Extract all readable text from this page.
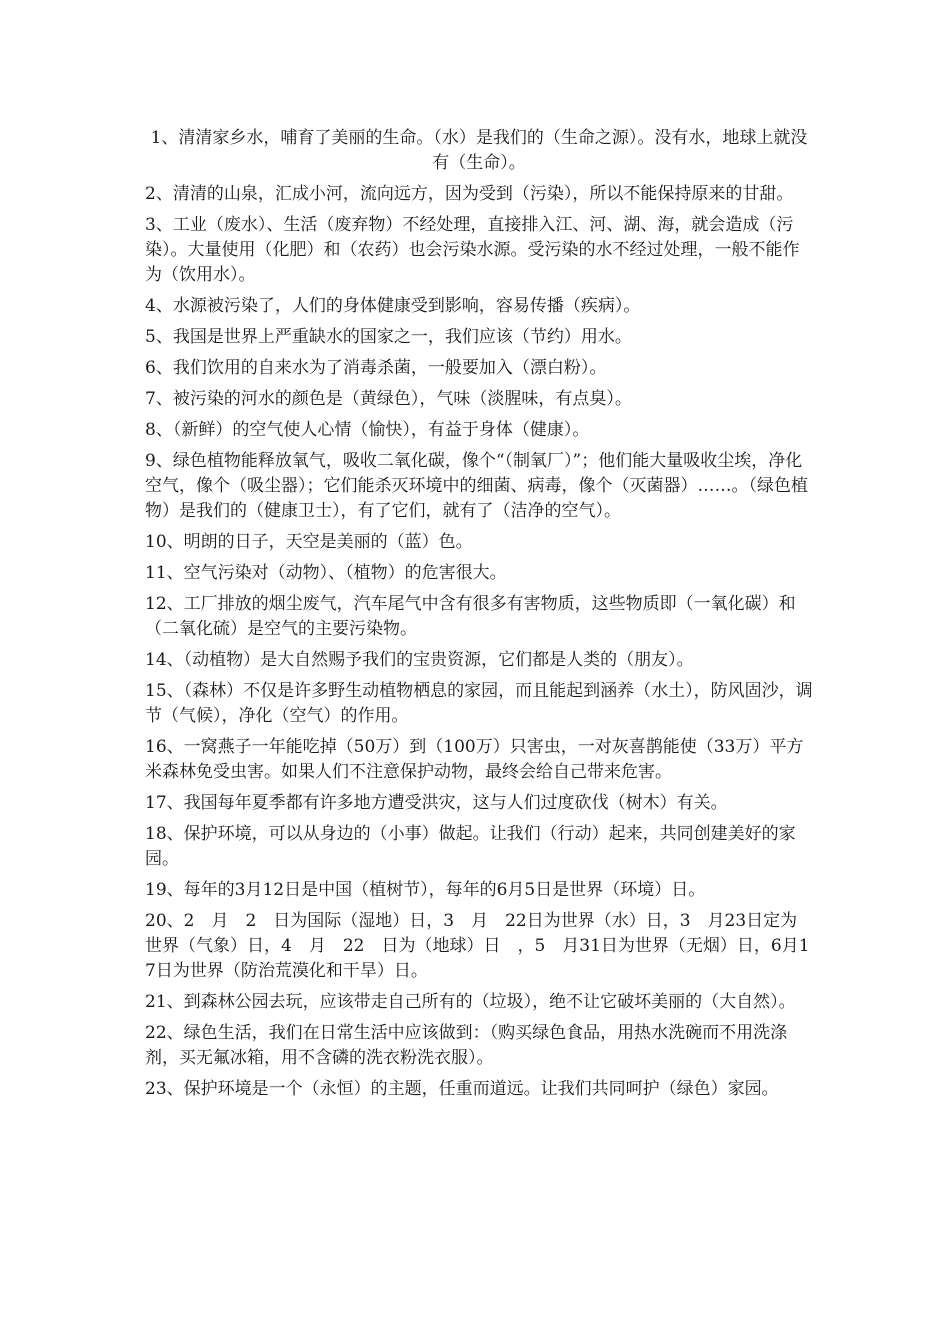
1、清清家乡水，哺育了美丽的生命。（水）是我们的（生命之源）。没有水，地球上就没有（生命）。

2、清清的山泉，汇成小河，流向远方，因为受到（污染），所以不能保持原来的甘甜。

3、工业（废水）、生活（废弃物）不经处理，直接排入江、河、湖、海，就会造成（污染）。大量使用（化肥）和（农药）也会污染水源。受污染的水不经过处理，一般不能作为（饮用水）。

4、水源被污染了，人们的身体健康受到影响，容易传播（疾病）。

5、我国是世界上严重缺水的国家之一，我们应该（节约）用水。

6、我们饮用的自来水为了消毒杀菌，一般要加入（漂白粉）。

7、被污染的河水的颜色是（黄绿色），气味（淡腥味，有点臭）。

8、（新鲜）的空气使人心情（愉快），有益于身体（健康）。

9、绿色植物能释放氧气，吸收二氧化碳，像个“（制氧厂）”；他们能大量吸收尘埃，净化空气，像个（吸尘器）；它们能杀灭环境中的细菌、病毒，像个（灭菌器）……。（绿色植物）是我们的（健康卫士），有了它们，就有了（洁净的空气）。

10、明朗的日子，天空是美丽的（蓝）色。

11、空气污染对（动物）、（植物）的危害很大。

12、工厂排放的烟尘废气，汽车尾气中含有很多有害物质，这些物质即（一氧化碳）和（二氧化硫）是空气的主要污染物。

14、（动植物）是大自然赐予我们的宝贵资源，它们都是人类的（朋友）。

15、（森林）不仅是许多野生动植物栖息的家园，而且能起到涵养（水土），防风固沙，调节（气候），净化（空气）的作用。

16、一窝燕子一年能吃掉（50万）到（100万）只害虫，一对灰喜鹊能使（33万）平方米森林免受虫害。如果人们不注意保护动物，最终会给自己带来危害。

17、我国每年夏季都有许多地方遭受洪灾，这与人们过度砍伐（树木）有关。

18、保护环境，可以从身边的（小事）做起。让我们（行动）起来，共同创建美好的家园。

19、每年的3月12日是中国（植树节），每年的6月5日是世界（环境）日。

20、2　月　2　日为国际（湿地）日，3　月　22日为世界（水）日，3　月23日定为世界（气象）日，4　月　22　日为（地球）日　，5　月31日为世界（无烟）日，6月17日为世界（防治荒漠化和干旱）日。

21、到森林公园去玩，应该带走自己所有的（垃圾），绝不让它破坏美丽的（大自然）。

22、绿色生活，我们在日常生活中应该做到：（购买绿色食品，用热水洗碗而不用洗涤剂，买无氟冰箱，用不含磷的洗衣粉洗衣服）。

23、保护环境是一个（永恒）的主题，任重而道远。让我们共同呵护（绿色）家园。
